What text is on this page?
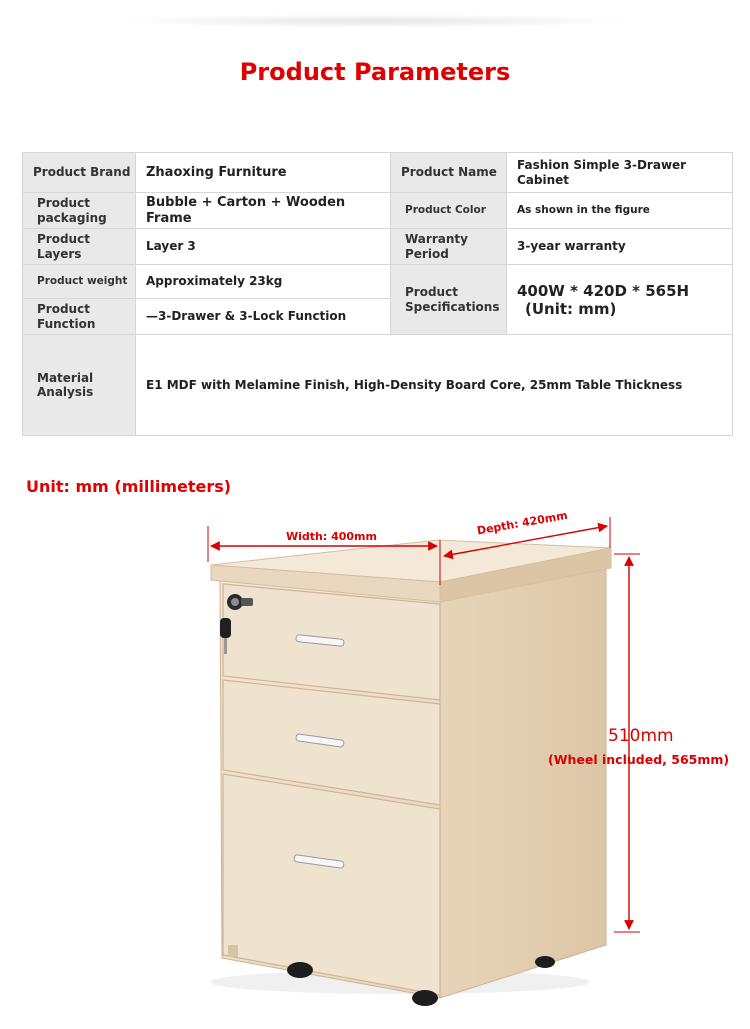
Product Parameters
Product Brand	Zhaoxing Furniture	Product Name	Fashion Simple 3-Drawer Cabinet
Product packaging	Bubble + Carton + Wooden Frame	Product Color	As shown in the figure
Product Layers	Layer 3	Warranty Period	3-year warranty
Product weight	Approximately 23kg	Product Specifications	400W * 420D * 565H
(Unit: mm)

Product Function	—3-Drawer & 3-Lock Function		
Material Analysis	E1 MDF with Melamine Finish, High-Density Board Core, 25mm Table Thickness		
Unit: mm (millimeters)
Width: 400mm	Depth: 420mm
510mm
(Wheel included, 565mm)
